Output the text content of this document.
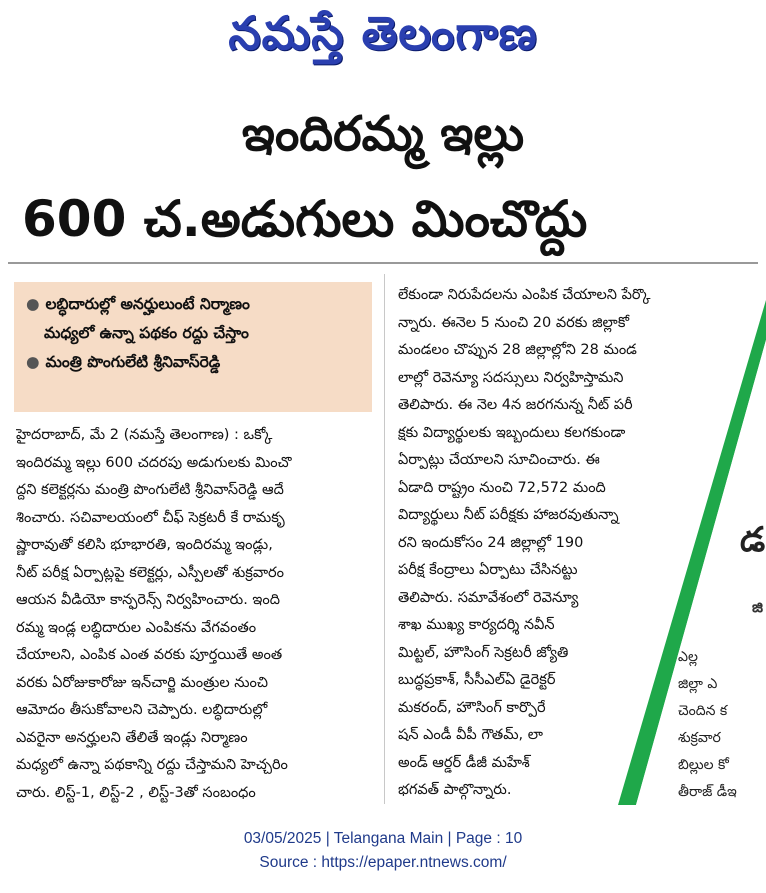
నమస్తే తెలంగాణ
ఇందిరమ్మ ఇల్లు
600 చ.అడుగులు మించొద్దు
● లబ్ధిదారుల్లో అనర్హులుంటే నిర్మాణం
మధ్యలో ఉన్నా పథకం రద్దు చేస్తాం
● మంత్రి పొంగులేటి శ్రీనివాస్‌రెడ్డి
హైదరాబాద్, మే 2 (నమస్తే తెలంగాణ) : ఒక్కో
ఇందిరమ్మ ఇల్లు 600 చదరపు అడుగులకు మించొ
ద్దని కలెక్టర్లను మంత్రి పొంగులేటి శ్రీనివాస్‌రెడ్డి ఆదే
శించారు. సచివాలయంలో చీఫ్ సెక్రటరీ కే రామకృ
ష్ణారావుతో కలిసి భూభారతి, ఇందిరమ్మ ఇండ్లు,
నీట్ పరీక్ష ఏర్పాట్లపై కలెక్టర్లు, ఎస్పీలతో శుక్రవారం
ఆయన వీడియో కాన్ఫరెన్స్ నిర్వహించారు. ఇంది
రమ్మ ఇండ్ల లబ్ధిదారుల ఎంపికను వేగవంతం
చేయాలని, ఎంపిక ఎంత వరకు పూర్తయితే అంత
వరకు ఏరోజుకారోజు ఇన్‌చార్జి మంత్రుల నుంచి
ఆమోదం తీసుకోవాలని చెప్పారు. లబ్ధిదారుల్లో
ఎవరైనా అనర్హులని తేలితే ఇండ్లు నిర్మాణం
మధ్యలో ఉన్నా పథకాన్ని రద్దు చేస్తామని హెచ్చరిం
చారు. లిస్ట్-1, లిస్ట్-2 , లిస్ట్-3తో సంబంధం
లేకుండా నిరుపేదలను ఎంపిక చేయాలని పేర్కొ
న్నారు. ఈనెల 5 నుంచి 20 వరకు జిల్లాకో
మండలం చొప్పున 28 జిల్లాల్లోని 28 మండ
లాల్లో రెవెన్యూ సదస్సులు నిర్వహిస్తామని
తెలిపారు. ఈ నెల 4న జరగనున్న నీట్ పరీ
క్షకు విద్యార్థులకు ఇబ్బందులు కలగకుండా
ఏర్పాట్లు చేయాలని సూచించారు. ఈ
ఏడాది రాష్ట్రం నుంచి 72,572 మంది
విద్యార్థులు నీట్ పరీక్షకు హాజరవుతున్నా
రని ఇందుకోసం 24 జిల్లాల్లో 190
పరీక్ష కేంద్రాలు ఏర్పాటు చేసినట్టు
తెలిపారు. సమావేశంలో రెవెన్యూ
శాఖ ముఖ్య కార్యదర్శి నవీన్
మిట్టల్, హౌసింగ్ సెక్రటరీ జ్యోతి
బుద్ధప్రకాశ్, సీసీఎల్ఏ డైరెక్టర్
మకరంద్, హౌసింగ్ కార్పొరే
షన్ ఎండీ వీపీ గౌతమ్, లా
అండ్ ఆర్డర్ డీజీ మహేశ్
భగవత్ పాల్గొన్నారు.
డ
జి
ఎల్ల
జిల్లా ఎ
చెందిన క
శుక్రవార
బిల్లుల కో
తీరాజ్ డీఇ
03/05/2025 | Telangana Main | Page : 10
Source : https://epaper.ntnews.com/
